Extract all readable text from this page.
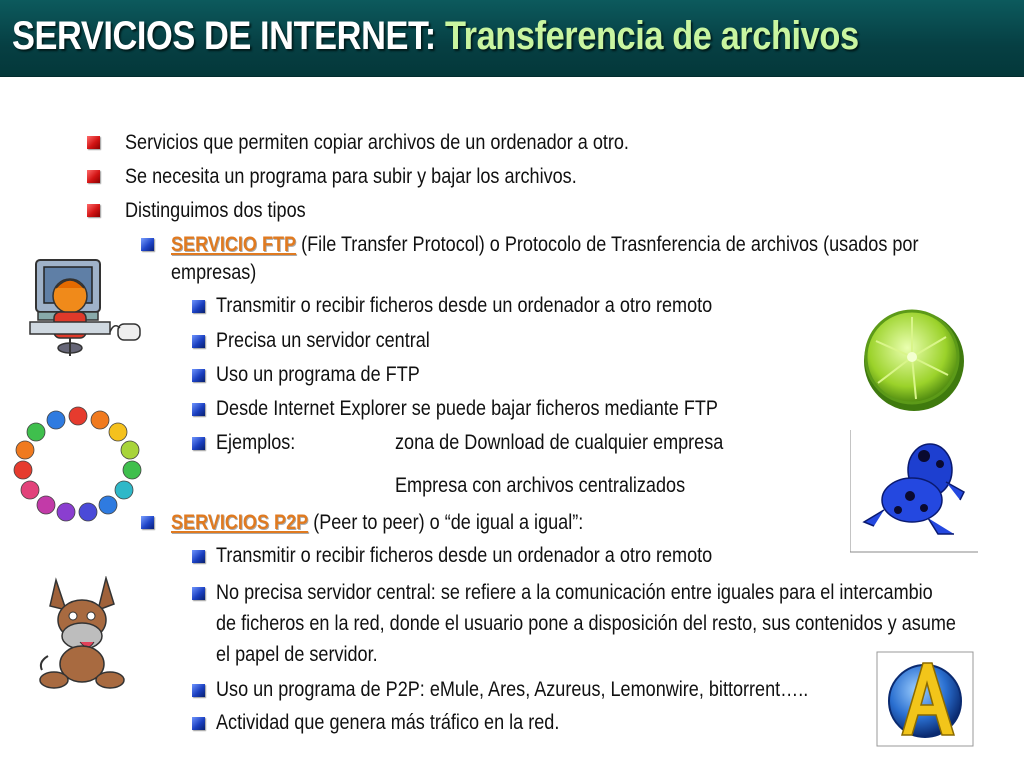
SERVICIOS DE INTERNET: Transferencia de archivos
Servicios que permiten copiar archivos de un ordenador a otro.
Se necesita un programa para subir y bajar los archivos.
Distinguimos dos tipos
SERVICIO FTP (File Transfer Protocol) o Protocolo de Trasnferencia de archivos (usados por
empresas)
Transmitir o recibir ficheros desde un ordenador a otro remoto
Precisa un servidor central
Uso un programa de FTP
Desde Internet Explorer se puede bajar ficheros mediante FTP
Ejemplos:	zona de Download de cualquier empresa
Empresa con archivos centralizados
SERVICIOS P2P (Peer to peer) o “de igual a igual”:
Transmitir o recibir ficheros desde un ordenador a otro remoto
No precisa servidor central: se refiere a la comunicación entre iguales para el intercambio
de ficheros en la red, donde el usuario pone a disposición del resto, sus contenidos y asume
el papel de servidor.
Uso un programa de P2P: eMule, Ares, Azureus, Lemonwire, bittorrent…..
Actividad que genera más tráfico en la red.
